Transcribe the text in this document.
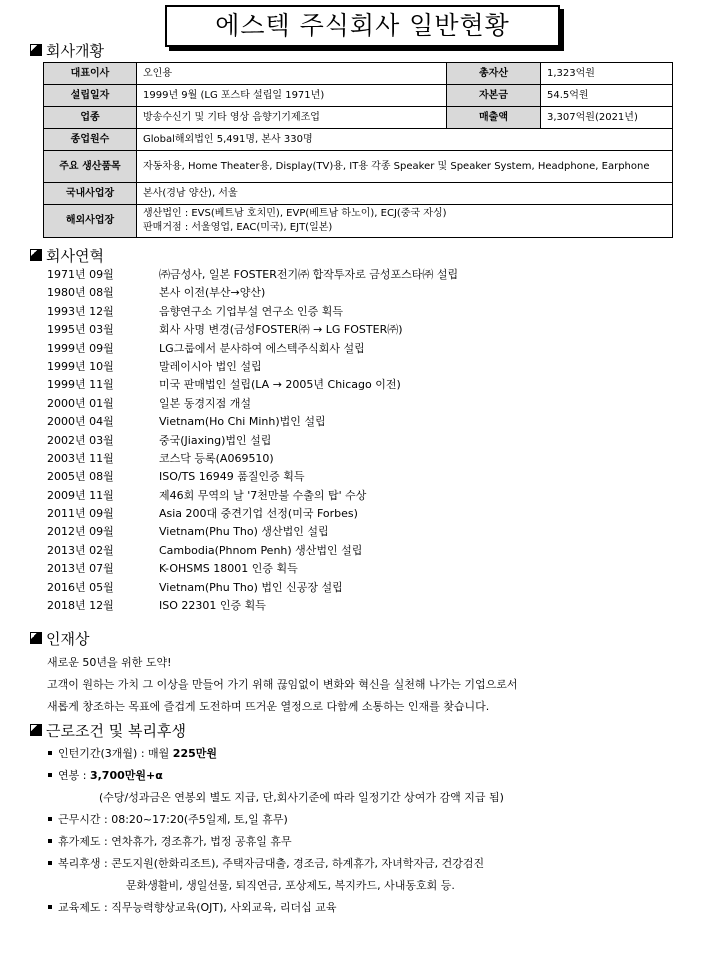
에스텍 주식회사 일반현황
회사개황
대표이사	오인용	총자산	1,323억원
설립일자	1999년 9월 (LG 포스타 설립일 1971년)	자본금	54.5억원
업종	방송수신기 및 기타 영상 음향기기제조업	매출액	3,307억원(2021년)
종업원수	Global해외법인 5,491명, 본사 330명		
주요 생산품목	자동차용, Home Theater용, Display(TV)용, IT용 각종 Speaker 및 Speaker System, Headphone, Earphone		
국내사업장	본사(경남 양산), 서울		
해외사업장	생산법인 : EVS(베트남 호치민), EVP(베트남 하노이), ECJ(중국 자싱)
판매거점 : 서울영업, EAC(미국), EJT(일본)		
회사연혁
1971년 09월	㈜금성사, 일본 FOSTER전기㈜ 합작투자로 금성포스타㈜ 설립
1980년 08월	본사 이전(부산→양산)
1993년 12월	음향연구소 기업부설 연구소 인증 획득
1995년 03월	회사 사명 변경(금성FOSTER㈜ → LG FOSTER㈜)
1999년 09월	LG그룹에서 분사하여 에스텍주식회사 설립
1999년 10월	말레이시아 법인 설립
1999년 11월	미국 판매법인 설립(LA → 2005년 Chicago 이전)
2000년 01월	일본 동경지점 개설
2000년 04월	Vietnam(Ho Chi Minh)법인 설립
2002년 03월	중국(Jiaxing)법인 설립
2003년 11월	코스닥 등록(A069510)
2005년 08월	ISO/TS 16949 품질인증 획득
2009년 11월	제46회 무역의 날 '7천만불 수출의 탑' 수상
2011년 09월	Asia 200대 중견기업 선정(미국 Forbes)
2012년 09월	Vietnam(Phu Tho) 생산법인 설립
2013년 02월	Cambodia(Phnom Penh) 생산법인 설립
2013년 07월	K-OHSMS 18001 인증 획득
2016년 05월	Vietnam(Phu Tho) 법인 신공장 설립
2018년 12월	ISO 22301 인증 획득
인재상
새로운 50년을 위한 도약!
고객이 원하는 가치 그 이상을 만들어 가기 위해 끊임없이 변화와 혁신을 실천해 나가는 기업으로서
새롭게 창조하는 목표에 즐겁게 도전하며 뜨거운 열정으로 다함께 소통하는 인재를 찾습니다.
근로조건 및 복리후생
인턴기간(3개월) : 매월 225만원
연봉 : 3,700만원+α
(수당/성과금은 연봉외 별도 지급, 단,회사기준에 따라 일정기간 상여가 감액 지급 됨)
근무시간 : 08:20~17:20(주5일제, 토,일 휴무)
휴가제도 : 연차휴가, 경조휴가, 법정 공휴일 휴무
복리후생 : 콘도지원(한화리조트), 주택자금대출, 경조금, 하계휴가, 자녀학자금, 건강검진
문화생활비, 생일선물, 퇴직연금, 포상제도, 복지카드, 사내동호회 등.
교육제도 : 직무능력향상교육(OJT), 사외교육, 리더십 교육
